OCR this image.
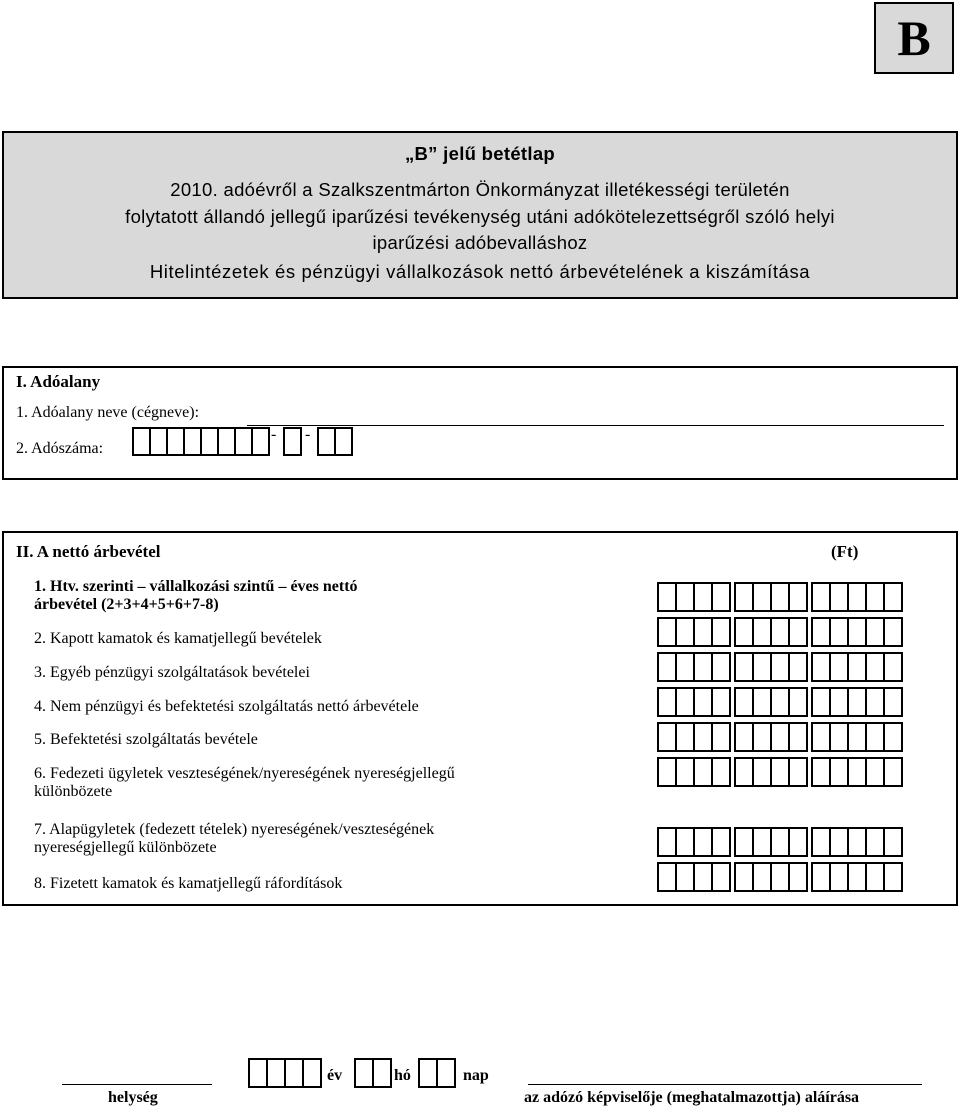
B
„B” jelű betétlap
2010. adóévről a Szalkszentmárton Önkormányzat illetékességi területén
folytatott állandó jellegű iparűzési tevékenység utáni adókötelezettségről szóló helyi
iparűzési adóbevalláshoz
Hitelintézetek és pénzügyi vállalkozások nettó árbevételének a kiszámítása
I. Adóalany
1. Adóalany neve (cégneve):
2. Adószáma:
- -
II. A nettó árbevétel	(Ft)
1. Htv. szerinti – vállalkozási szintű – éves nettó
árbevétel (2+3+4+5+6+7-8)
2. Kapott kamatok és kamatjellegű bevételek
3. Egyéb pénzügyi szolgáltatások bevételei
4. Nem pénzügyi és befektetési szolgáltatás nettó árbevétele
5. Befektetési szolgáltatás bevétele
6. Fedezeti ügyletek veszteségének/nyereségének nyereségjellegű
különbözete
7. Alapügyletek (fedezett tételek) nyereségének/veszteségének
nyereségjellegű különbözete
8. Fizetett kamatok és kamatjellegű ráfordítások
helység
év	hó	nap
az adózó képviselője (meghatalmazottja) aláírása
